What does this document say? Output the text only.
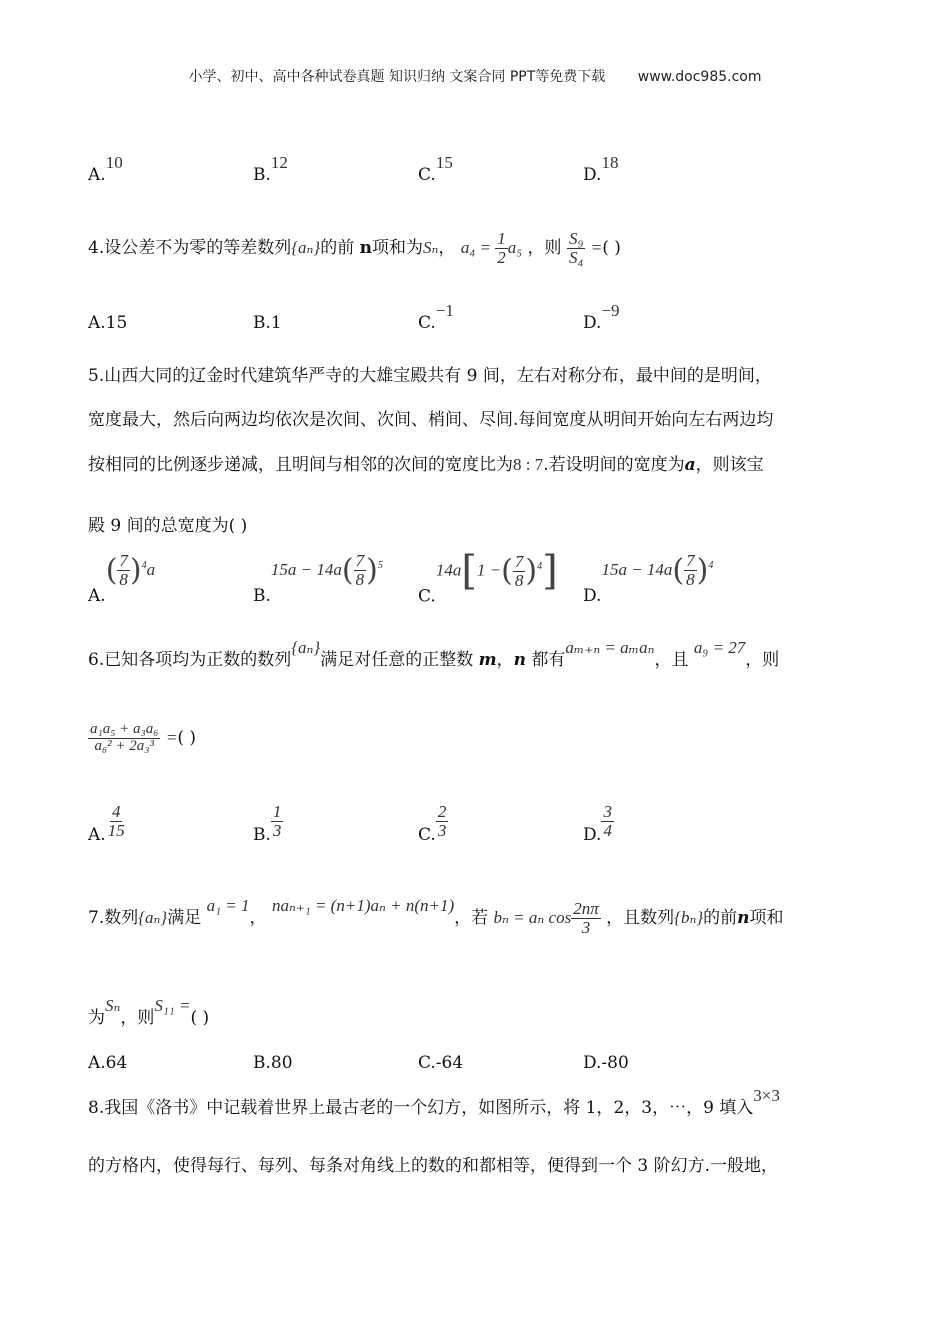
小学、初中、高中各种试卷真题 知识归纳 文案合同 PPT等免费下载 www.doc985.com
A.10
B.12
C.15
D.18
4.设公差不为零的等差数列{aₙ}的前 n项和为Sₙ， $a_4 = \frac{1}{2} a_5$ ，则 $\frac{\text{S₉}}{\text{S₄}}$ =( )
A.15	B.1	C.−1
D.−9
5.山西大同的辽金时代建筑华严寺的大雄宝殿共有 9 间，左右对称分布，最中间的是明间，
宽度最大，然后向两边均依次是次间、次间、梢间、尽间.每间宽度从明间开始向左右两边均
按相同的比例逐步递减，且明间与相邻的次间的宽度比为8 : 7.若设明间的宽度为a，则该宝
殿 9 间的总宽度为( )
$A.( \frac{7}{8} )^4a$
$B.15a - 14a( \frac{7}{8} )^5$
C.14a[1 −( $\frac{7}{8} )^4$]
$D.15a - 14a( \frac{7}{8} )^4$
6.已知各项均为正数的数列{aₙ}满足对任意的正整数 m，n 都有aₘ₊ₙ = aₘaₙ，且 a₉ = 27，则
$\frac{\text{a₁a₅ + a₃a₆}}{\text{a₆² + 2a₃³}}$ =( )
A. $\frac{4}{15}$	B. $\frac{1}{3}$	C. $\frac{2}{3}$	D. $\frac{3}{4}$
7.数列{aₙ}满足 a₁ = 1， naₙ₊₁ = (n+1)aₙ + n(n+1)，若 bₙ = aₙ $\cos \frac{2n\pi}{3}$ ，且数列{bₙ}的前n项和
为Sₙ，则S₁₁ =( )
A.64	B.80	C.-64	D.-80
8.我国《洛书》中记载着世界上最古老的一个幻方，如图所示，将 1，2，3，⋯，9 填入3×3
的方格内，使得每行、每列、每条对角线上的数的和都相等，便得到一个 3 阶幻方.一般地，
